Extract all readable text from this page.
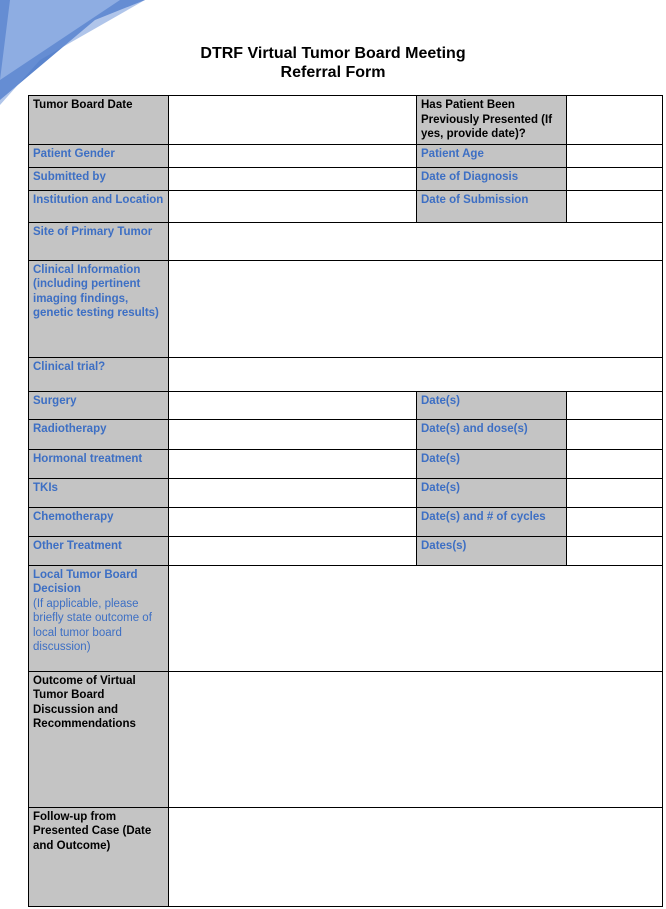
DTRF Virtual Tumor Board Meeting
Referral Form
Tumor Board Date		Has Patient Been Previously Presented (If yes, provide date)?	
Patient Gender		Patient Age	
Submitted by		Date of Diagnosis	
Institution and Location		Date of Submission	
Site of Primary Tumor			
Clinical Information (including pertinent imaging findings, genetic testing results)			
Clinical trial?			
Surgery		Date(s)	
Radiotherapy		Date(s) and dose(s)	
Hormonal treatment		Date(s)	
TKIs		Date(s)	
Chemotherapy		Date(s) and # of cycles	
Other Treatment		Dates(s)	

Local Tumor Board Decision
(If applicable, please briefly state outcome of local tumor board discussion)			

Outcome of Virtual Tumor Board Discussion and Recommendations			
Follow-up from Presented Case (Date and Outcome)			
